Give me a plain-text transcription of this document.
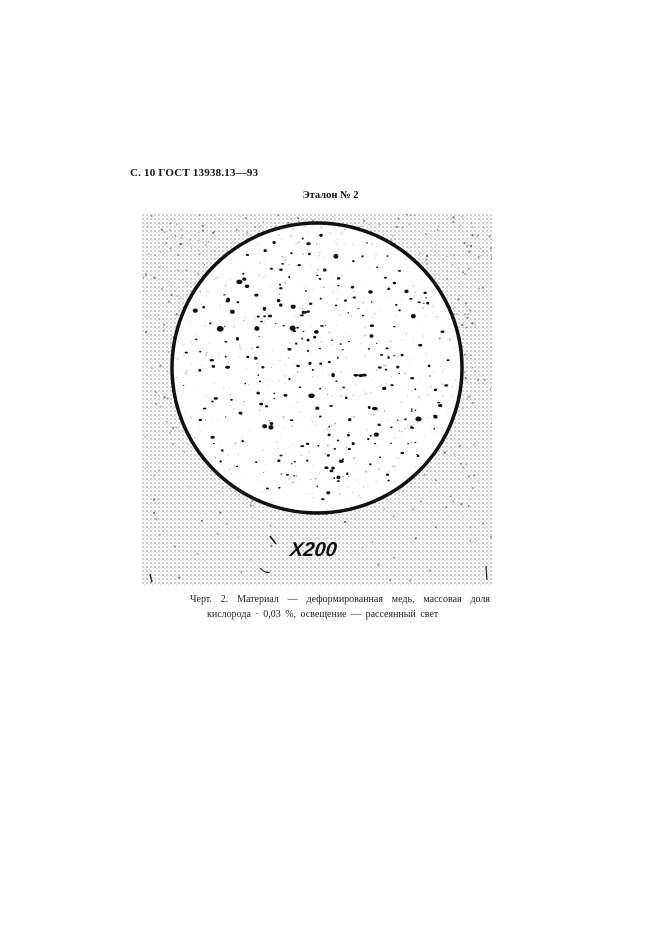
С. 10 ГОСТ 13938.13—93
Эталон № 2
Х200
Черт. 2. Материал — деформированная медь, массовая доля
кислорода · 0,03 %, освещение — рассеянный свет
